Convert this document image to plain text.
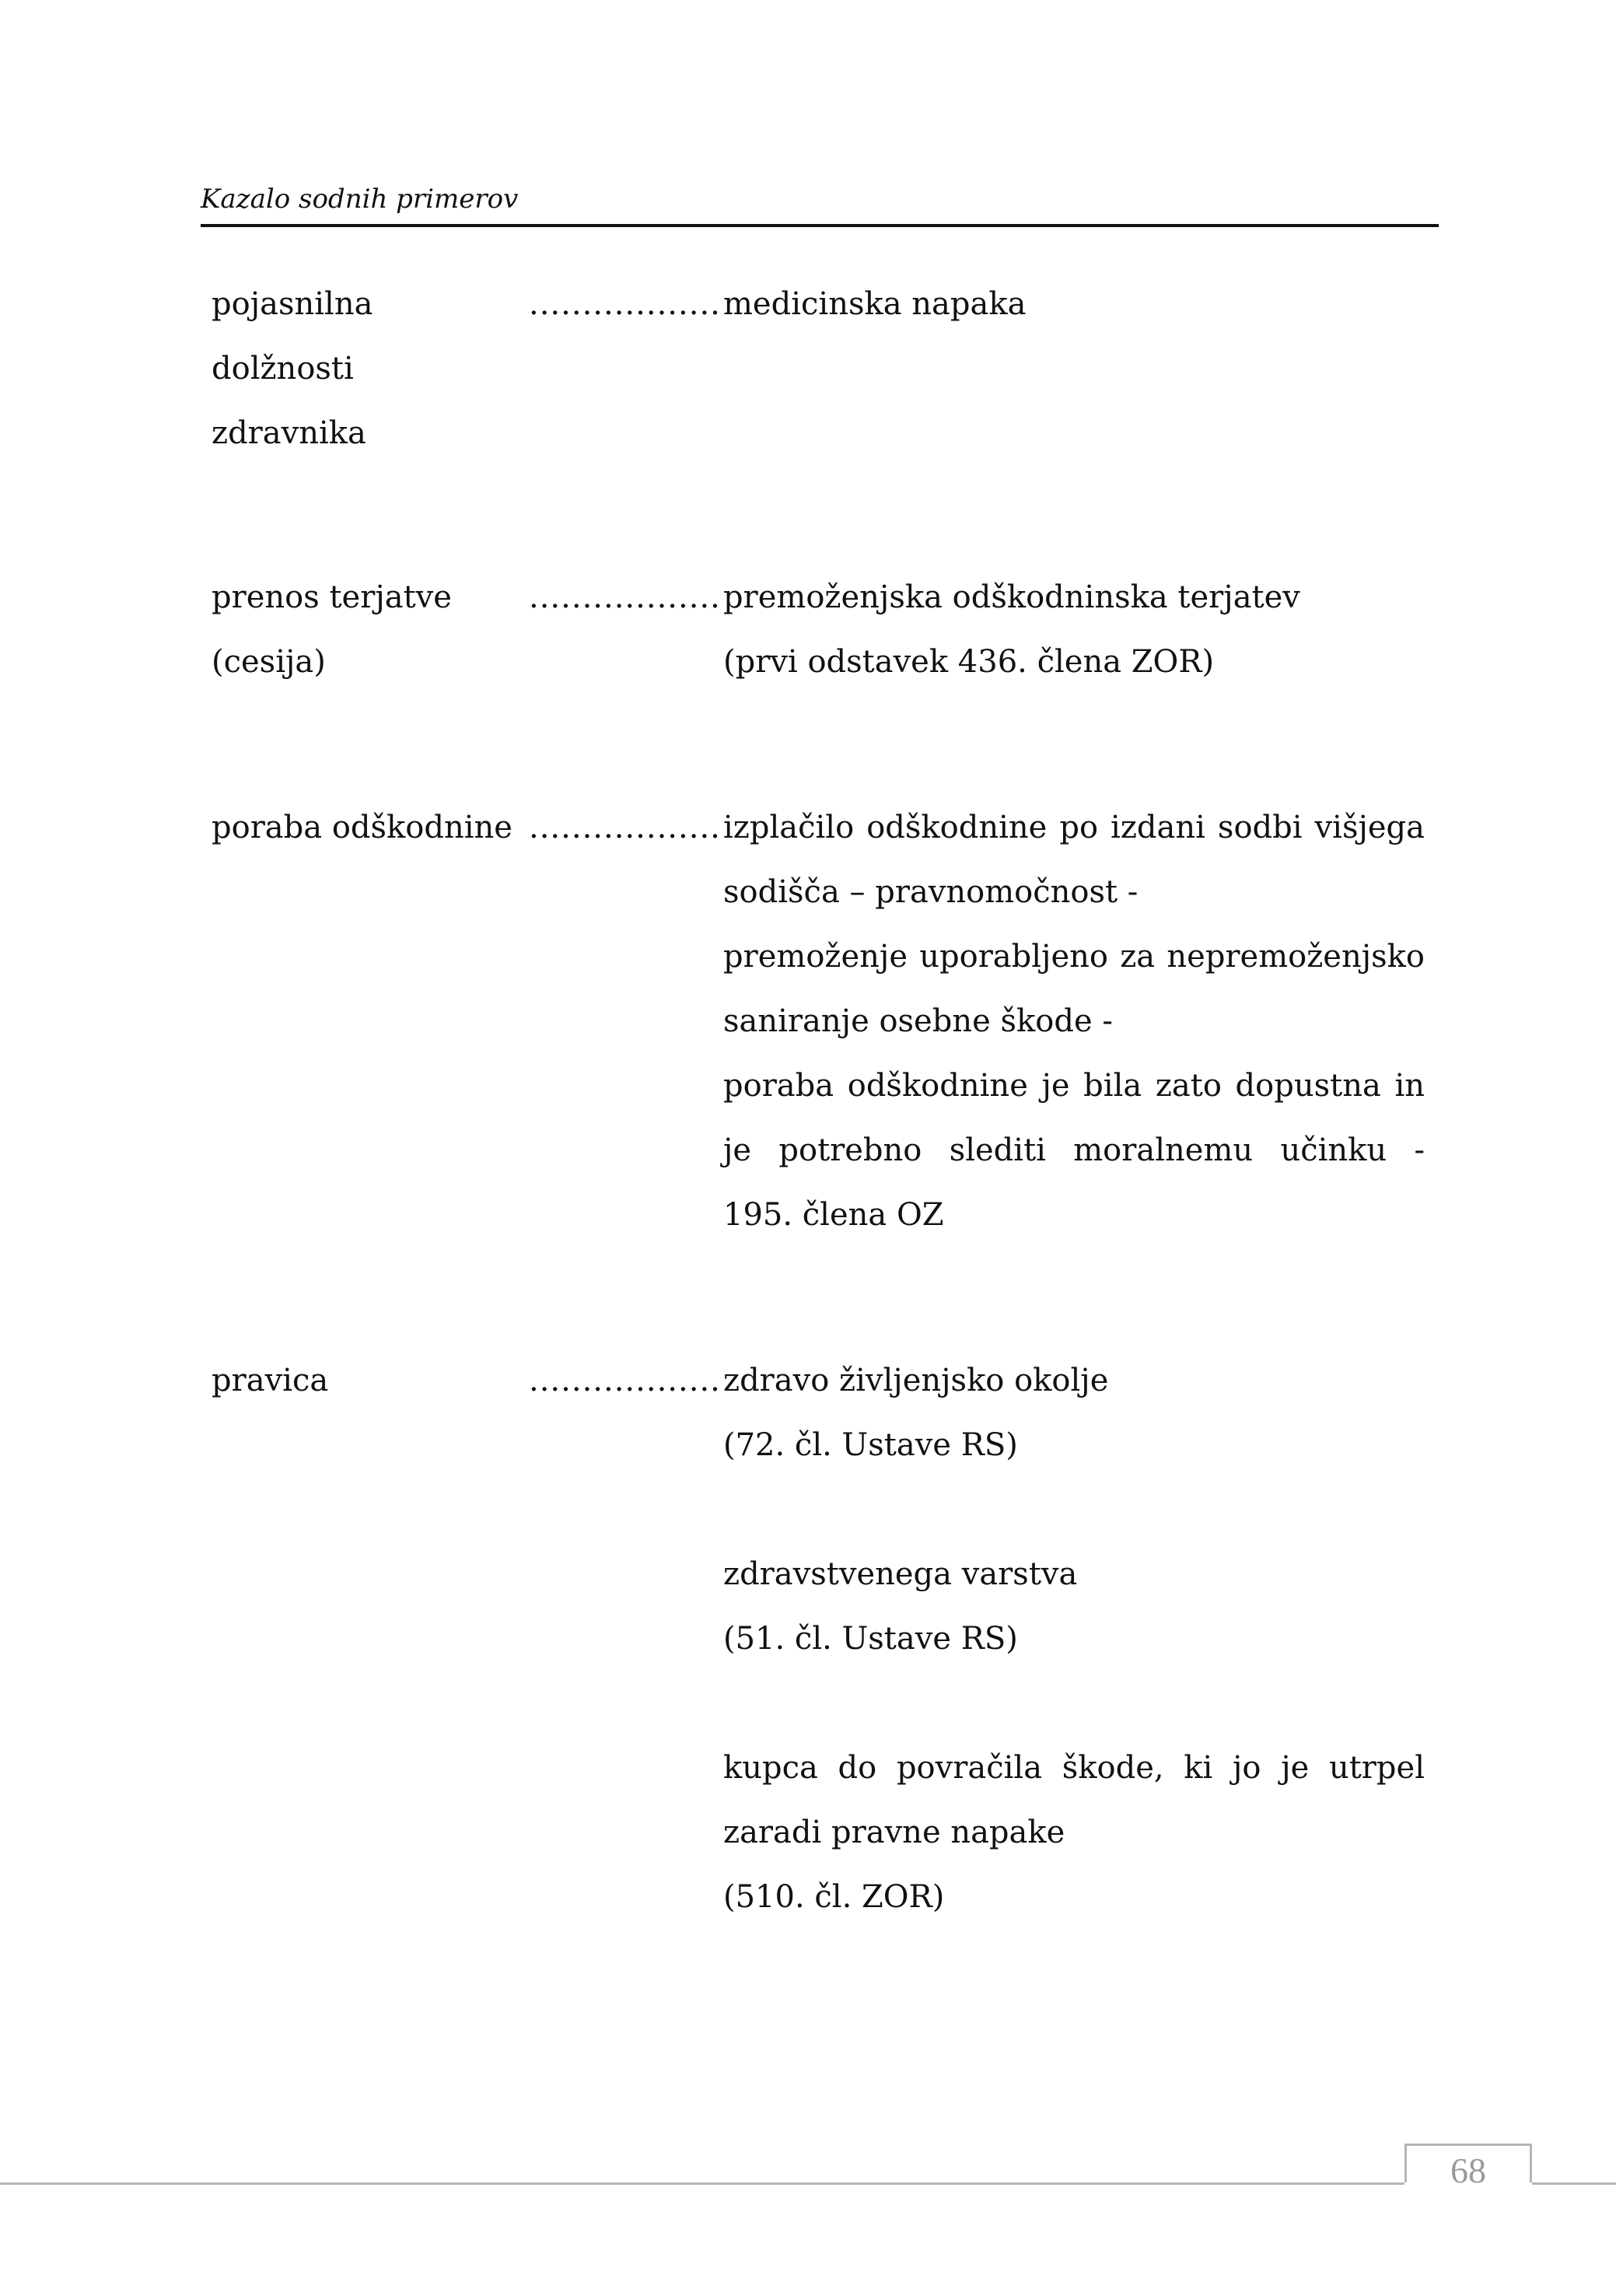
Kazalo sodnih primerov
pojasnilna
dolžnosti
zdravnika
.................. medicinska napaka
prenos terjatve
(cesija)
.................. premoženjska odškodninska terjatev
(prvi odstavek 436. člena ZOR)
poraba odškodnine .................. izplačilo odškodnine po izdani sodbi višjega
sodišča – pravnomočnost -
premoženje uporabljeno za nepremoženjsko
saniranje osebne škode -
poraba odškodnine je bila zato dopustna in
je potrebno slediti moralnemu učinku -
195. člena OZ
pravica	.................. zdravo življenjsko okolje
(72. čl. Ustave RS)
zdravstvenega varstva
(51. čl. Ustave RS)
kupca do povračila škode, ki jo je utrpel
zaradi pravne napake
(510. čl. ZOR)
68
